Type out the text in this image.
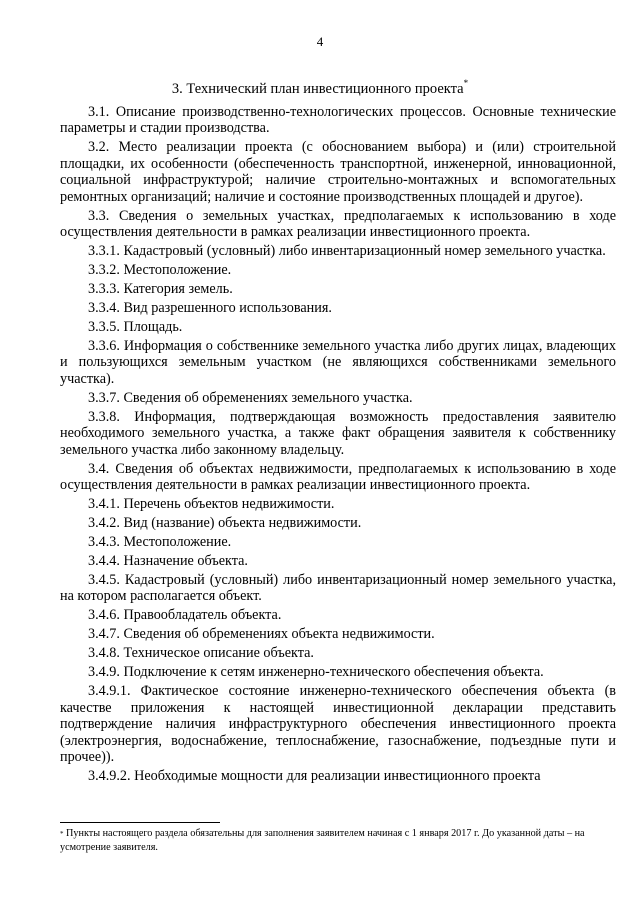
4
3. Технический план инвестиционного проекта*

3.1. Описание производственно-технологических процессов. Основные технические параметры и стадии производства.

3.2. Место реализации проекта (с обоснованием выбора) и (или) строительной площадки, их особенности (обеспеченность транспортной, инженерной, инновационной, социальной инфраструктурой; наличие строительно-монтажных и вспомогательных ремонтных организаций; наличие и состояние производственных площадей и другое).

3.3. Сведения о земельных участках, предполагаемых к использованию в ходе осуществления деятельности в рамках реализации инвестиционного проекта.

3.3.1. Кадастровый (условный) либо инвентаризационный номер земельного участка.

3.3.2. Местоположение.

3.3.3. Категория земель.

3.3.4. Вид разрешенного использования.

3.3.5. Площадь.

3.3.6. Информация о собственнике земельного участка либо других лицах, владеющих и пользующихся земельным участком (не являющихся собственниками земельного участка).

3.3.7. Сведения об обременениях земельного участка.

3.3.8. Информация, подтверждающая возможность предоставления заявителю необходимого земельного участка, а также факт обращения заявителя к собственнику земельного участка либо законному владельцу.

3.4. Сведения об объектах недвижимости, предполагаемых к использованию в ходе осуществления деятельности в рамках реализации инвестиционного проекта.

3.4.1. Перечень объектов недвижимости.

3.4.2. Вид (название) объекта недвижимости.

3.4.3. Местоположение.

3.4.4. Назначение объекта.

3.4.5. Кадастровый (условный) либо инвентаризационный номер земельного участка, на котором располагается объект.

3.4.6. Правообладатель объекта.

3.4.7. Сведения об обременениях объекта недвижимости.

3.4.8. Техническое описание объекта.

3.4.9. Подключение к сетям инженерно-технического обеспечения объекта.

3.4.9.1. Фактическое состояние инженерно-технического обеспечения объекта (в качестве приложения к настоящей инвестиционной декларации представить подтверждение наличия инфраструктурного обеспечения инвестиционного проекта (электроэнергия, водоснабжение, теплоснабжение, газоснабжение, подъездные пути и прочее)).

3.4.9.2. Необходимые мощности для реализации инвестиционного проекта

* Пункты настоящего раздела обязательны для заполнения заявителем начиная с 1 января 2017 г. До указанной даты – на усмотрение заявителя.
